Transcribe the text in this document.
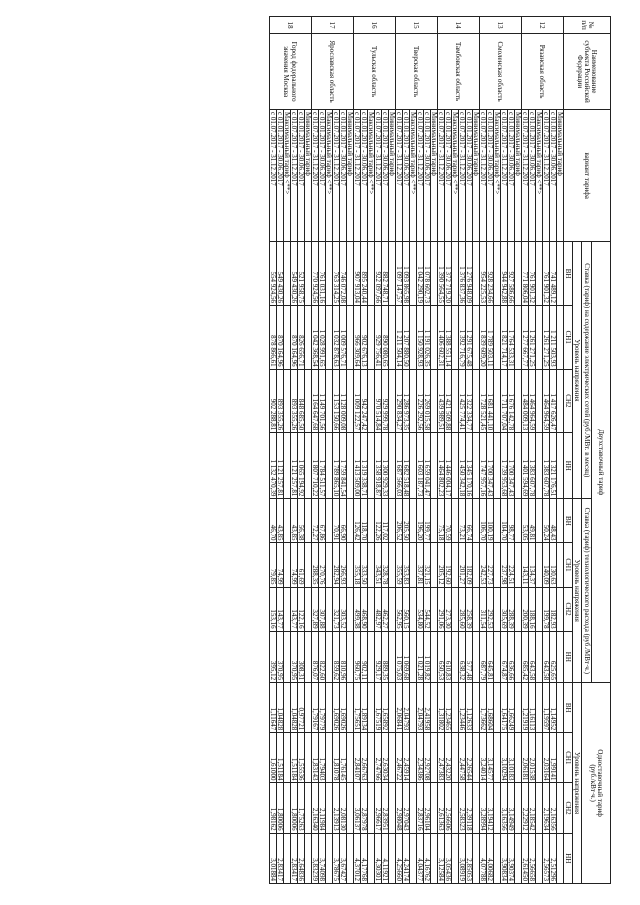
№ п/п	Наименование субъекта Российской Федерации	вариант тарифа	Двухставочный тариф								Одноставочный тариф
(руб./кВт·ч.)			
			Ставка (тариф) на содержание электрических сетей (руб./МВт. в месяц)				Ставка (тариф) технологического расхода (руб./МВт·ч.)							
			Уровень напряжения				Уровень напряжения				Уровень напряжения			
			ВН	СН1	СН2	НН	ВН	СН1	СН2	НН	ВН	СН1	СН2	НН
12	Рязанская область	Минимальный тариф												
		с 01.01.2017 - 30.06.2017	741 489,12	1 211 503,93	1 417 626,47	1 321 176,51	48,43	130,63	182,93	625,65	1,14952	1,99141	2,16356	2,51296
		с 01.07.2017 - 31.12.2017	761 901,32	1 261 271,25	1 464 964,59	1 383 607,78	50,24	140,09	199,78	643,58	1,19597	2,03164	2,19634	2,56573
		Максимальный тариф <**>												
		с 01.01.2017 - 30.06.2017	761 901,32	1 261 271,25	1 464 964,59	1 383 607,78	49,81	134,37	188,16	643,58	1,16113	2,01538	2,18542	2,56658
		с 01.07.2017 - 31.12.2017	771 806,04	1 277 667,77	1 484 009,13	1 401 594,69	53,05	143,11	200,39	685,42	1,21919	2,06181	2,22912	2,61450
13	Смоленская область	Минимальный тариф												
		с 01.01.2017 - 30.06.2017	927 586,66	1 764 533,31	1 676 142,78	1 700 347,43	98,77	224,51	288,39	636,66	1,66249	3,10183	3,14949	3,90374
		с 01.07.2017 - 31.12.2017	944 942,88	1 821 714,17	1 711 707,04	1 739 953,68	104,70	237,98	305,69	674,87	1,64175	3,10294	3,16356	3,90834
		Максимальный тариф <**>												
		с 01.01.2017 - 30.06.2017	928 234,66	1 789 503,11	1 681 441,10	1 700 347,43	100,19	227,73	292,53	645,81	1,68604	3,14577	3,19412	4,00682
		с 01.07.2017 - 31.12.2017	954 225,53	1 839 609,20	1 728 521,45	1 747 957,16	106,70	242,53	311,54	687,79	1,73662	3,24014	3,28994	4,07788
14	Тамбовская область	Минимальный тариф												
		с 01.01.2017 - 30.06.2017	1 276 948,09	1 291 675,48	1 322 334,77	1 345 170,16	66,74	182,09	258,39	577,48	1,12633	2,26544	2,39118	2,85053
		с 01.07.2017 - 31.12.2017	1 376 837,36	1 392 716,79	1 425 774,41	1 450 342,18	73,21	201,27	285,60	638,32	1,23446	2,44758	2,58323	3,08919
		Максимальный тариф <**>												
		с 01.01.2017 - 30.06.2017	1 372 719,20	1 388 551,14	1 421 509,88	1 446 004,17	70,59	192,60	273,30	610,83	1,23465	2,43220	2,56606	3,05436
		с 01.07.2017 - 31.12.2017	1 390 564,55	1 406 602,31	1 439 989,51	1 464 802,23	75,18	205,12	291,06	650,53	1,31802	2,47383	2,61363	3,12584
15	Тверская область	Минимальный тариф												
		с 01.01.2017 - 30.06.2017	1 078 602,73	1 191 026,35	1 269 015,58	1 659 041,47	199,77	321,15	544,52	1 019,82	2,41958	2,92708	2,96104	4,16762
		с 01.07.2017 - 31.12.2017	1 042 290,19	1 150 928,93	1 226 292,56	1 603 187,73	196,20	337,81	534,80	1 021,28	2,04793	2,34386	2,83716	4,04377
		Максимальный тариф <**>												
		с 01.01.2017 - 30.06.2017	1 093 865,98	1 207 880,50	1 286 973,35	1 682 518,48	205,50	353,83	560,15	1 069,68	2,04793	2,45914	2,97043	4,24174
		с 01.07.2017 - 31.12.2017	1 097 147,57	1 211 504,14	1 290 834,27	1 687 566,03	206,52	355,59	562,95	1 075,03	2,06841	2,46722	2,98048	4,25660
16	Тульская область	Минимальный тариф												
		с 01.01.2017 - 30.06.2017	882 748,71	890 080,65	929 999,78	1 300 929,33	117,02	328,78	462,27	889,35	1,65892	2,63034	2,83951	4,11921
		с 01.07.2017 - 31.12.2017	922 097,66	929 756,41	970 514,84	1 358 918,87	122,26	343,51	482,97	929,17	1,67519	2,74766	2,96617	4,30301
		Максимальный тариф <**>												
		с 01.01.2017 - 30.06.2017	895 240,44	902 676,13	942 247,42	1 319 338,71	118,70	333,50	468,90	902,11	1,89134	2,66763	2,87978	4,17768
		с 01.07.2017 - 31.12.2017	907 913,04	966 309,64	1 009 122,57	1 413 509,00	126,42	355,18	499,38	960,75	1,75651	2,84107	3,06137	4,37012
17	Ярославская область	Минимальный тариф												
		с 01.01.2017 - 30.06.2017	746 072,08	1 009 576,71	1 128 009,08	1 759 841,54	66,90	266,93	303,52	810,96	1,69026	1,76145	2,08130	3,67427
		с 01.07.2017 - 31.12.2017	763 314,25	1 032 878,63	1 153 150,66	1 789 865,10	70,91	282,94	321,73	859,62	1,69026	1,81078	2,13913	3,78675
		Максимальный тариф <**>												
		с 01.01.2017 - 30.06.2017	761 031,16	1 028 991,65	1 149 701,56	1 784 511,57	67,86	270,76	307,88	822,60	1,79779	1,79403	2,11984	3,74098
		с 01.07.2017 - 31.12.2017	770 924,56	1 042 368,54	1 164 647,68	1 807 710,22	72,27	288,35	327,89	876,07	1,79167	1,83143	2,16340	3,83239
18	Город федерального значения Москва	Минимальный тариф												
		с 01.01.2017 - 30.06.2017	521 958,75	826 656,71	848 685,50	1 065 194,92	56,38	61,69	122,16	308,31	0,97721	1,55536	1,75263	2,64836
		с 01.07.2017 - 31.12.2017	549 430,26	870 164,96	893 355,26	1 121 257,81	43,85	74,99	143,77	370,95	1,04828	1,51184	1,80006	2,83417
		Максимальный тариф <**>												
		с 01.01.2017 - 30.06.2017	549 430,26	870 164,96	893 355,26	1 121 257,81	43,85	74,99	143,77	370,95	1,04828	1,51184	1,80006	2,83417
		с 01.07.2017 - 31.12.2017	554 924,56	878 866,61	902 288,81	1 132 470,39	46,70	79,85	153,16	395,12	1,11647	1,61000	1,98162	3,01884
